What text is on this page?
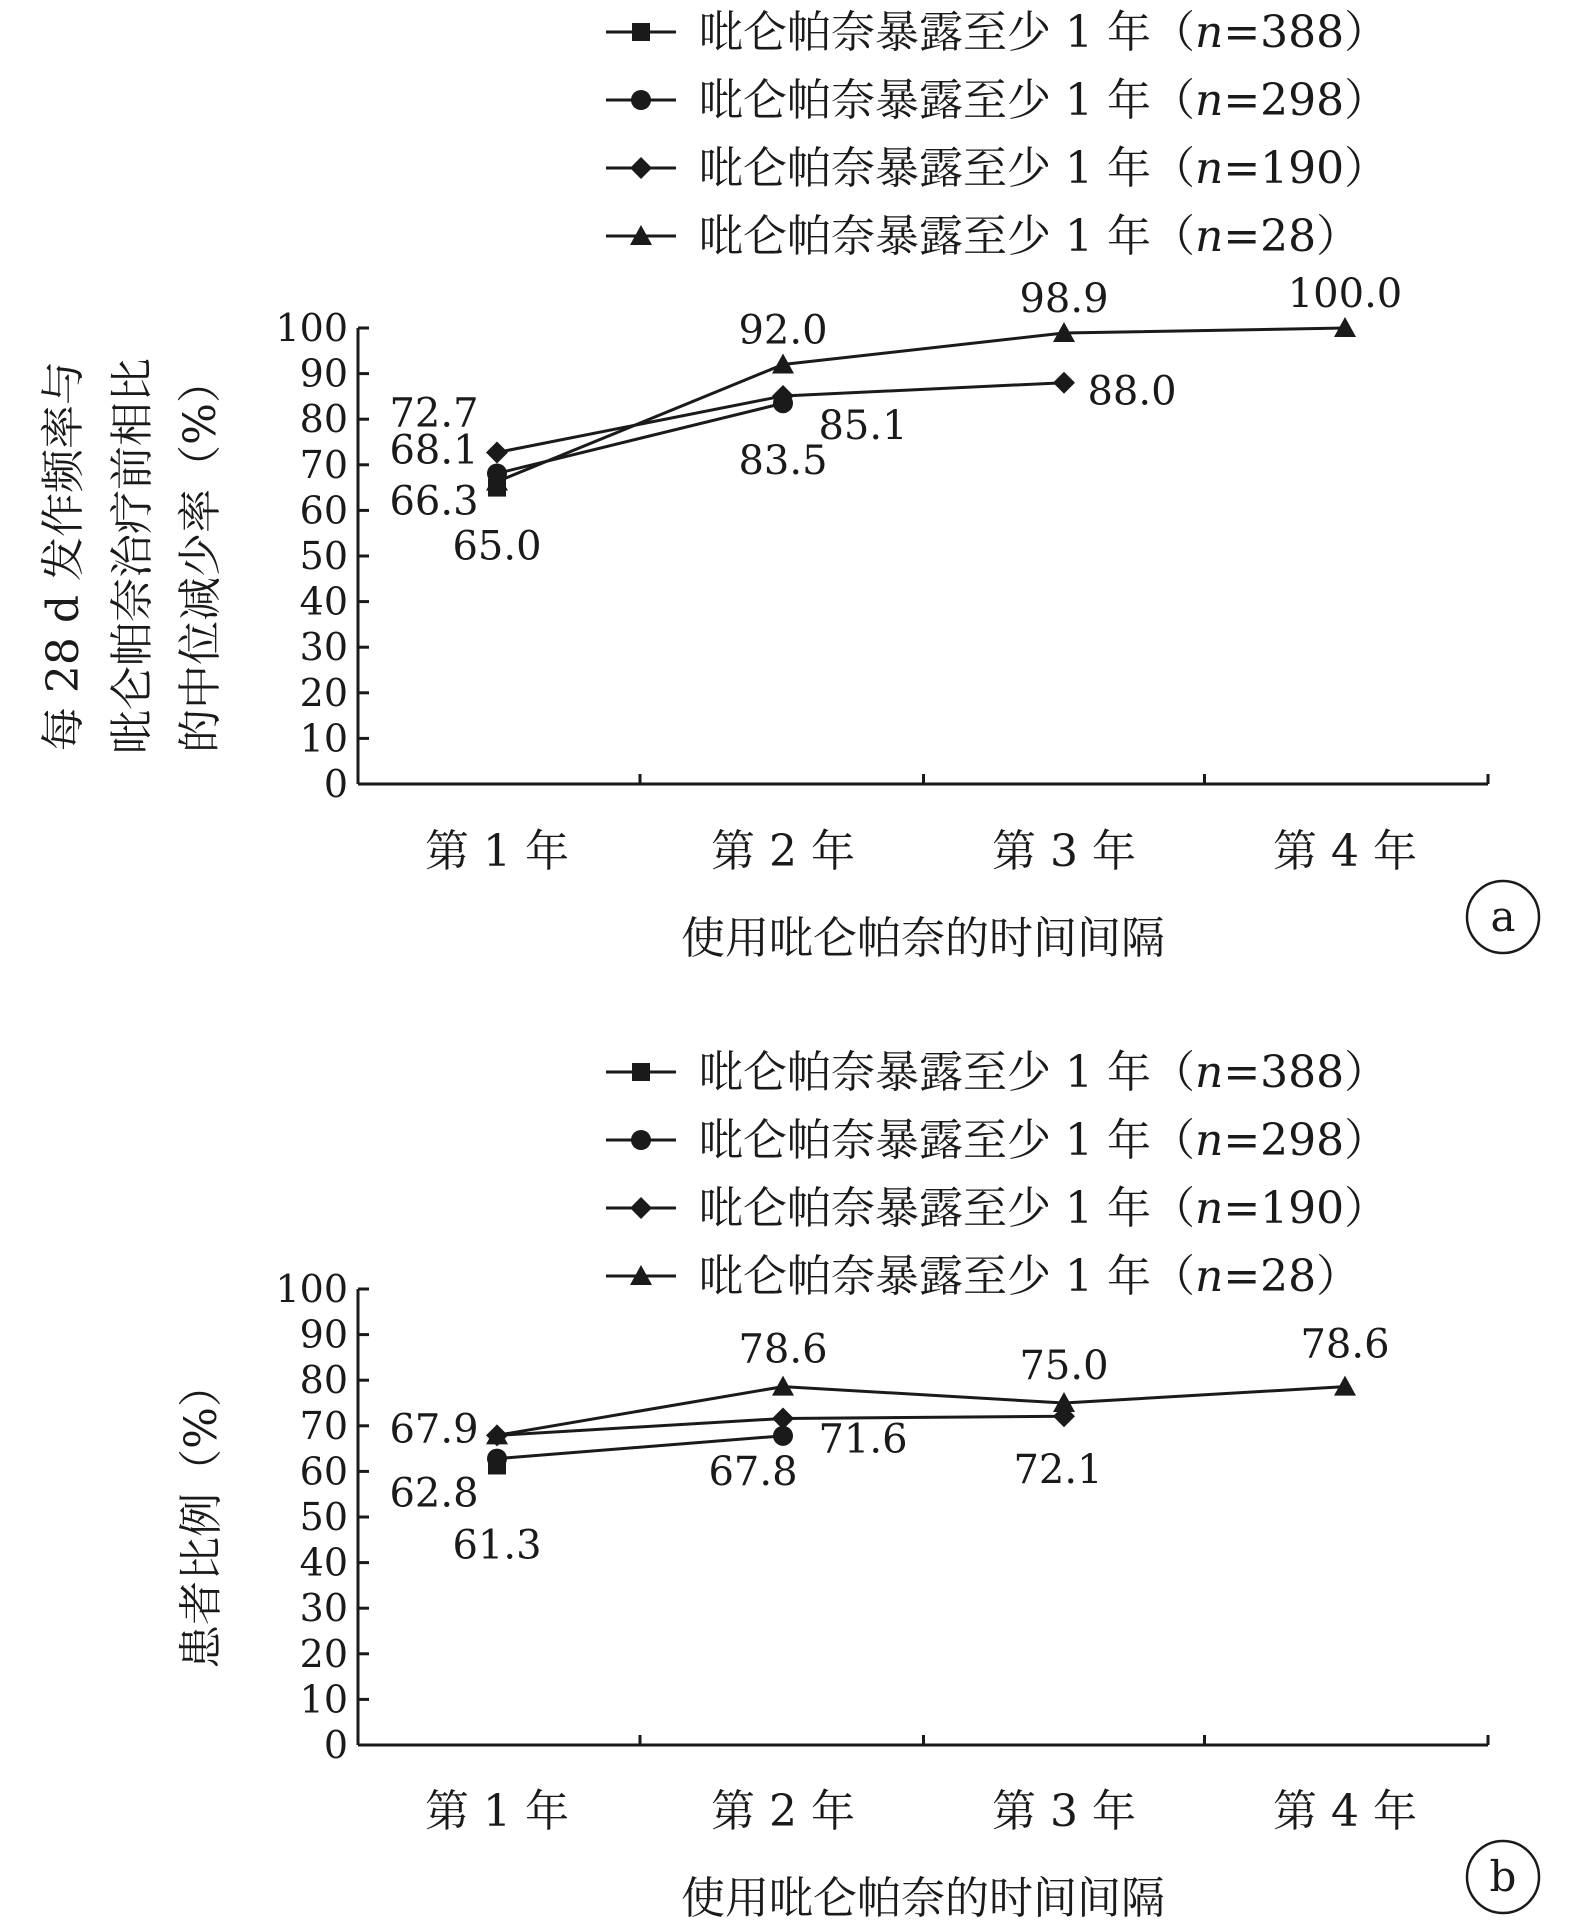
吡仑帕奈暴露至少 1 年（n=388）
吡仑帕奈暴露至少 1 年（n=298）
吡仑帕奈暴露至少 1 年（n=190）
吡仑帕奈暴露至少 1 年（n=28）
0
10
20
30
40
50
60
70
80
90
100
第 1 年	第 2 年	第 3 年	第 4 年
使用吡仑帕奈的时间间隔
每 28 d 发作频率与 吡仑帕奈治疗前相比 的中位减少率（%）	65.0
68.1	83.5
72.7	85.1
88.0
66.3
92.0
98.9	100.0
a
吡仑帕奈暴露至少 1 年（n=388）
吡仑帕奈暴露至少 1 年（n=298）
吡仑帕奈暴露至少 1 年（n=190）
吡仑帕奈暴露至少 1 年（n=28）
0
10
20
30
40
50
60
70
80
90
100
第 1 年	第 2 年	第 3 年	第 4 年
使用吡仑帕奈的时间间隔
患者比例（%）	61.3
62.8	67.8
67.9	71.6
72.1
78.6	75.0	78.6
b
